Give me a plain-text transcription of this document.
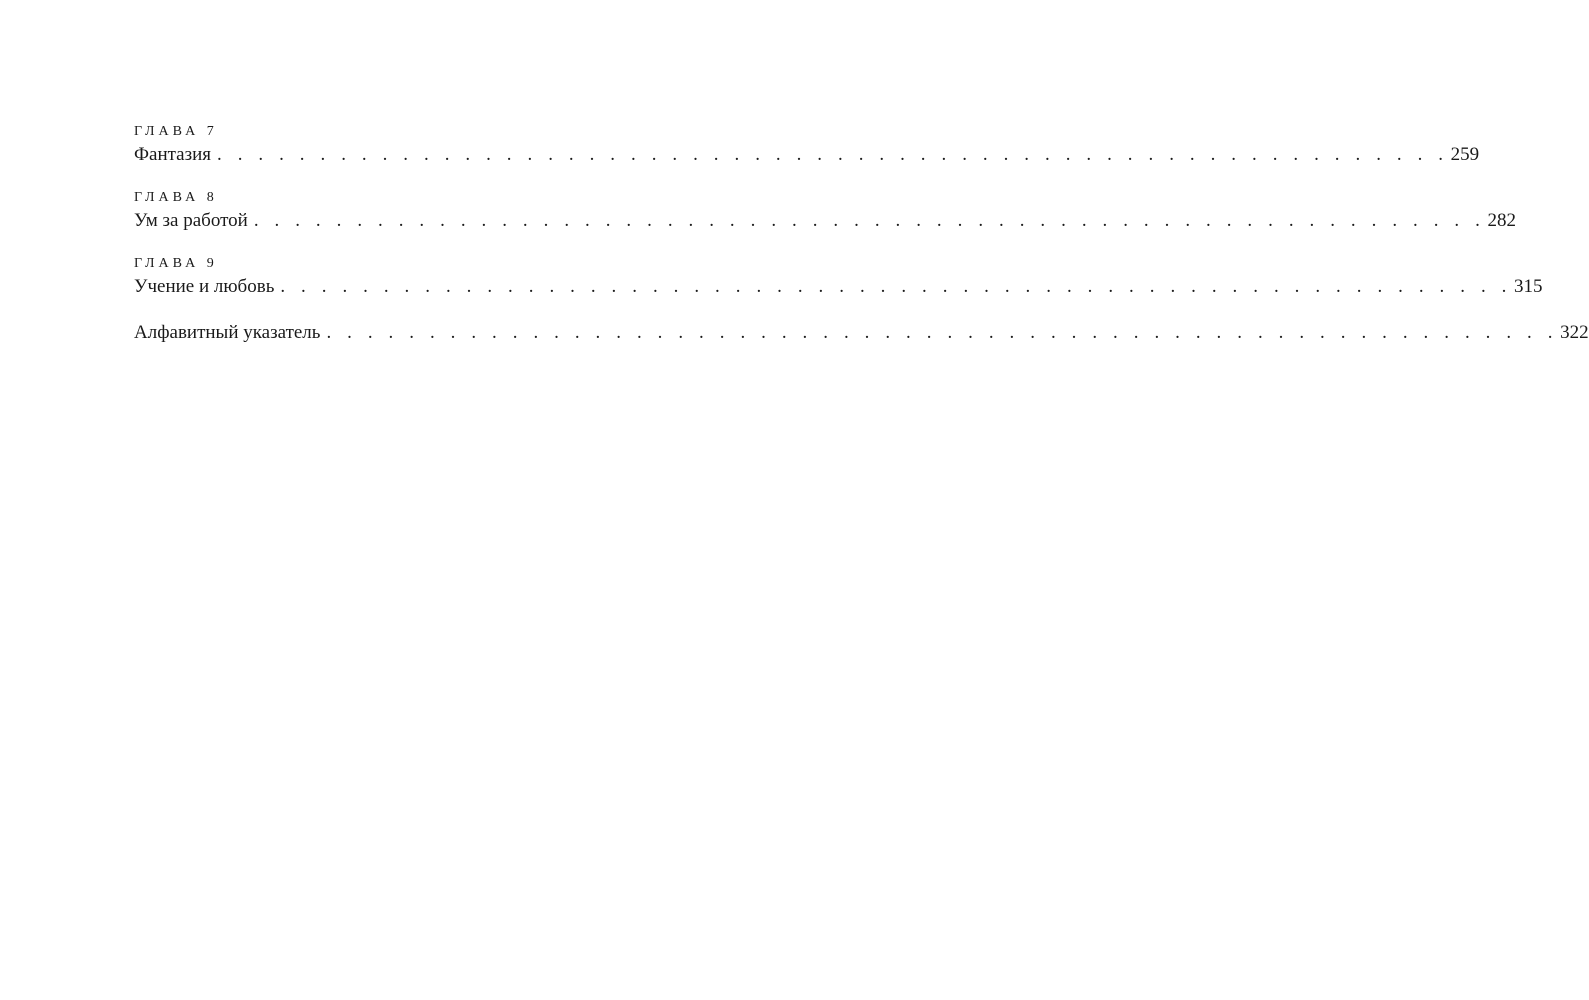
ГЛАВА 7
Фантазия . . . . . . . . . . . . . . . . . . . . . . . . . . . . . . . . . . . . . . . . . . . . . . . . . . . . . . . . . . . . 259
ГЛАВА 8
Ум за работой . . . . . . . . . . . . . . . . . . . . . . . . . . . . . . . . . . . . . . . . . . . . . . . . . . . . . . . . . . . . 282
ГЛАВА 9
Учение и любовь . . . . . . . . . . . . . . . . . . . . . . . . . . . . . . . . . . . . . . . . . . . . . . . . . . . . . . . . . . . . 315
Алфавитный указатель . . . . . . . . . . . . . . . . . . . . . . . . . . . . . . . . . . . . . . . . . . . . . . . . . . . . . . . . . . . . 322
